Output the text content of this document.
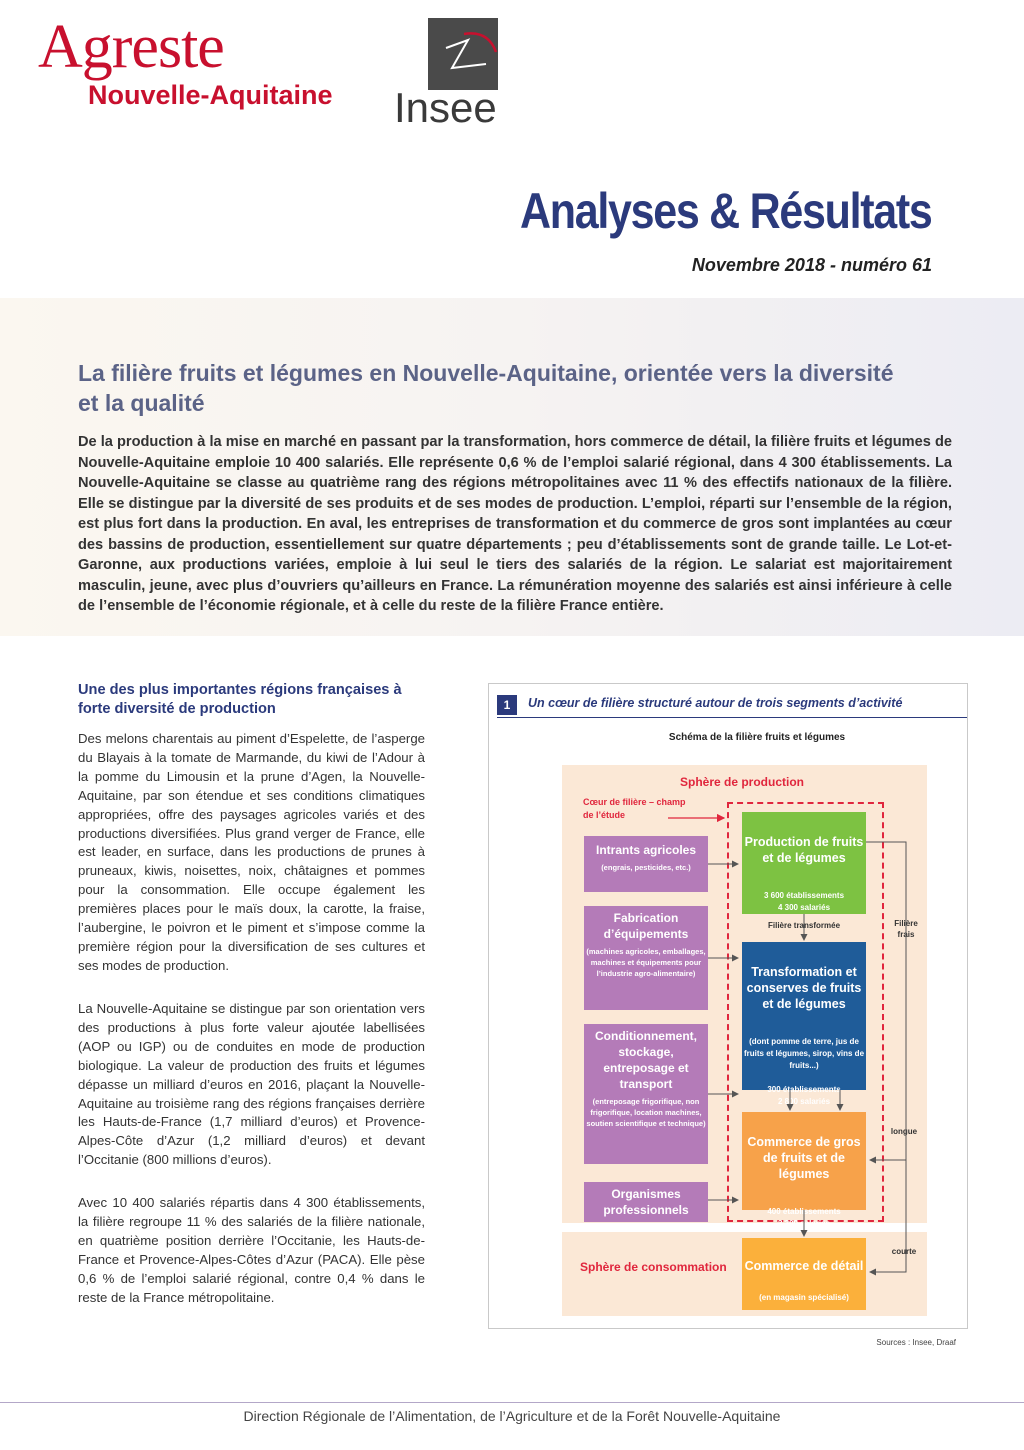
Agreste
Nouvelle-Aquitaine Insee
Analyses & Résultats
Novembre 2018 - numéro 61
La filière fruits et légumes en Nouvelle-Aquitaine, orientée vers la diversité et la qualité
De la production à la mise en marché en passant par la transformation, hors commerce de détail, la filière fruits et légumes de Nouvelle-Aquitaine emploie 10 400 salariés. Elle représente 0,6 % de l’emploi salarié régional, dans 4 300 établissements. La Nouvelle-Aquitaine se classe au quatrième rang des régions métropolitaines avec 11 % des effectifs nationaux de la filière. Elle se distingue par la diversité de ses produits et de ses modes de production. L’emploi, réparti sur l’ensemble de la région, est plus fort dans la production. En aval, les entreprises de transformation et du commerce de gros sont implantées au cœur des bassins de production, essentiellement sur quatre départements ; peu d’établissements sont de grande taille. Le Lot-et-Garonne, aux productions variées, emploie à lui seul le tiers des salariés de la région. Le salariat est majoritairement masculin, jeune, avec plus d’ouvriers qu’ailleurs en France. La rémunération moyenne des salariés est ainsi inférieure à celle de l’ensemble de l’économie régionale, et à celle du reste de la filière France entière.
Une des plus importantes régions françaises à forte diversité de production
Des melons charentais au piment d’Espelette, de l’asperge du Blayais à la tomate de Marmande, du kiwi de l’Adour à la pomme du Limousin et la prune d’Agen, la Nouvelle-Aquitaine, par son étendue et ses conditions climatiques appropriées, offre des paysages agricoles variés et des productions diversifiées. Plus grand verger de France, elle est leader, en surface, dans les productions de prunes à pruneaux, kiwis, noisettes, noix, châtaignes et pommes pour la consommation. Elle occupe également les premières places pour le maïs doux, la carotte, la fraise, l’aubergine, le poivron et le piment et s’impose comme la première région pour la diversification de ses cultures et ses modes de production.
La Nouvelle-Aquitaine se distingue par son orientation vers des productions à plus forte valeur ajoutée labellisées (AOP ou IGP) ou de conduites en mode de production biologique. La valeur de production des fruits et légumes dépasse un milliard d’euros en 2016, plaçant la Nouvelle-Aquitaine au troisième rang des régions françaises derrière les Hauts-de-France (1,7 milliard d’euros) et Provence-Alpes-Côte d’Azur (1,2 milliard d’euros) et devant l’Occitanie (800 millions d’euros).
Avec 10 400 salariés répartis dans 4 300 établissements, la filière regroupe 11 % des salariés de la filière nationale, en quatrième position derrière l’Occitanie, les Hauts-de-France et Provence-Alpes-Côtes d’Azur (PACA). Elle pèse 0,6 % de l’emploi salarié régional, contre 0,4 % dans le reste de la France métropolitaine.
1	Un cœur de filière structuré autour de trois segments d’activité
Schéma de la filière fruits et légumes
Sphère de production
Cœur de filière – champ de l’étude
Intrants agricoles
(engrais, pesticides, etc.)
Fabrication d’équipements
(machines agricoles, emballages, machines et équipements pour l’industrie agro-alimentaire)
Conditionnement, stockage, entreposage et transport
(entreposage frigorifique, non frigorifique, location machines, soutien scientifique et technique)
Organismes professionnels

Production de fruits et de légumes

3 600 établissements
4 300 salariés

Filière transformée

Transformation et conserves de fruits et de légumes

(dont pomme de terre, jus de fruits et légumes, sirop, vins de fruits...)

300 établissements
2 800 salariés

Commerce de gros de fruits et de légumes

400 établissements
3 300 salariés

Filière frais
longue
courte
Sphère de consommation Commerce de détail

(en magasin spécialisé)

1 051 établissements
1 050 salariés

Sources : Insee, Draaf
Direction Régionale de l’Alimentation, de l’Agriculture et de la Forêt Nouvelle-Aquitaine
